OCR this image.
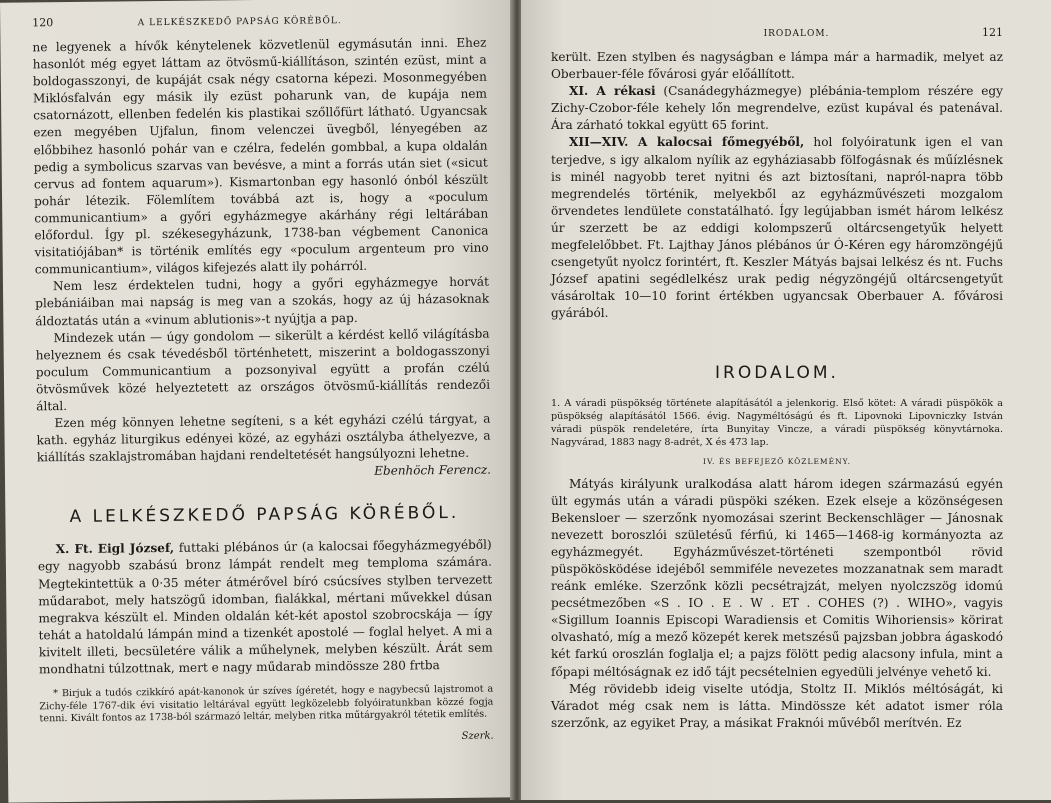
120	A LELKÉSZKEDŐ PAPSÁG KÖRÉBŐL.

ne legyenek a hívők kénytelenek közvetlenül egymásután inni. Ehez hasonlót még egyet láttam az ötvösmű-kiállításon, szintén ezüst, mint a boldogasszonyi, de kupáját csak négy csatorna képezi. Mosonmegyében Miklósfalván egy másik ily ezüst poharunk van, de kupája nem csatornázott, ellenben fedelén kis plastikai szőllőfürt látható. Ugyancsak ezen megyében Ujfalun, finom velenczei üvegből, lényegében az előbbihez hasonló pohár van e czélra, fedelén gombbal, a kupa oldalán pedig a symbolicus szarvas van bevésve, a mint a forrás után siet («sicut cervus ad fontem aquarum»). Kismartonban egy hasonló ónból készült pohár létezik. Fölemlítem továbbá azt is, hogy a «poculum communicantium» a győri egyházmegye akárhány régi leltárában előfordul. Így pl. székesegyházunk, 1738-ban végbement Canonica visitatiójában* is történik említés egy «poculum argenteum pro vino communicantium», világos kifejezés alatt ily pohárról.

Nem lesz érdektelen tudni, hogy a győri egyházmegye horvát plebániáiban mai napság is meg van a szokás, hogy az új házasoknak áldoztatás után a «vinum ablutionis»-t nyújtja a pap.

Mindezek után — úgy gondolom — sikerült a kérdést kellő világításba helyeznem és csak tévedésből történhetett, miszerint a boldogasszonyi poculum Communicantium a pozsonyival együtt a profán czélú ötvösművek közé helyeztetett az országos ötvösmű-kiállítás rendezői által.

Ezen még könnyen lehetne segíteni, s a két egyházi czélú tárgyat, a kath. egyház liturgikus edényei közé, az egyházi osztályba áthelyezve, a kiállítás szaklajstromában hajdani rendeltetését hangsúlyozni lehetne.

Ebenhöch Ferencz.

A LELKÉSZKEDŐ PAPSÁG KÖRÉBŐL.

X. Ft. Eigl József, futtaki plébános úr (a kalocsai főegyházmegyéből) egy nagyobb szabású bronz lámpát rendelt meg temploma számára. Megtekintettük a 0·35 méter átmérővel bíró csúcsíves stylben tervezett műdarabot, mely hatszögű idomban, fialákkal, mértani művekkel dúsan megrakva készült el. Minden oldalán két-két apostol szobrocskája — így tehát a hatoldalú lámpán mind a tizenkét apostolé — foglal helyet. A mi a kivitelt illeti, becsületére válik a műhelynek, melyben készült. Árát sem mondhatni túlzottnak, mert e nagy műdarab mindössze 280 frtba

* Birjuk a tudós czikkíró apát-kanonok úr szíves ígéretét, hogy e nagybecsű lajstromot a Zichy-féle 1767-dik évi visitatio leltárával együtt legközelebb folyóiratunkban közzé fogja tenni. Kivált fontos az 1738-ból származó leltár, melyben ritka műtárgyakról tétetik említés.

Szerk.

IRODALOM.	121

került. Ezen stylben és nagyságban e lámpa már a harmadik, melyet az Oberbauer-féle fővárosi gyár előállított.

XI. A rékasi (Csanádegyházmegye) plébánia-templom részére egy Zichy-Czobor-féle kehely lőn megrendelve, ezüst kupával és patenával. Ára zárható tokkal együtt 65 forint.

XII—XIV. A kalocsai főmegyéből, hol folyóiratunk igen el van terjedve, s igy alkalom nyílik az egyháziasabb fölfogásnak és műízlésnek is minél nagyobb teret nyitni és azt biztosítani, napról-napra több megrendelés történik, melyekből az egyházművészeti mozgalom örvendetes lendülete constatálható. Így legújabban ismét három lelkész úr szerzett be az eddigi kolompszerű oltárcsengetyűk helyett megfelelőbbet. Ft. Lajthay János plébános úr Ó-Kéren egy háromzöngéjű csengetyűt nyolcz forintért, ft. Keszler Mátyás bajsai lelkész és nt. Fuchs József apatini segédlelkész urak pedig négyzöngéjű oltárcsengetyűt vásároltak 10—10 forint értékben ugyancsak Oberbauer A. fővárosi gyárából.

IRODALOM.

1. A váradi püspökség története alapításától a jelenkorig. Első kötet: A váradi püspökök a püspökség alapításától 1566. évig. Nagyméltóságú és ft. Lipovnoki Lipovniczky István váradi püspök rendeletére, írta Bunyitay Vincze, a váradi püspökség könyvtárnoka. Nagyvárad, 1883 nagy 8-adrét, X és 473 lap.

IV. ÉS BEFEJEZŐ KÖZLEMÉNY.

Mátyás királyunk uralkodása alatt három idegen származású egyén ült egymás után a váradi püspöki széken. Ezek elseje a közönségesen Bekensloer — szerzőnk nyomozásai szerint Beckenschläger — Jánosnak nevezett boroszlói születésű férfiú, ki 1465—1468-ig kormányozta az egyházmegyét. Egyházművészet-történeti szempontból rövid püspökösködése idejéből semmiféle nevezetes mozzanatnak sem maradt reánk emléke. Szerzőnk közli pecsétrajzát, melyen nyolczszög idomú pecsétmezőben «S . IO . E . W . ET . COHES (?) . WIHO», vagyis «Sigillum Ioannis Episcopi Waradiensis et Comitis Wihoriensis» körirat olvasható, míg a mező közepét kerek metszésű pajzsban jobbra ágaskodó két farkú oroszlán foglalja el; a pajzs fölött pedig alacsony infula, mint a főpapi méltóságnak ez idő tájt pecsételnien egyedüli jelvénye vehető ki.

Még rövidebb ideig viselte utódja, Stoltz II. Miklós méltóságát, ki Váradot még csak nem is látta. Mindössze két adatot ismer róla szerzőnk, az egyiket Pray, a másikat Fraknói művéből merítvén. Ez
